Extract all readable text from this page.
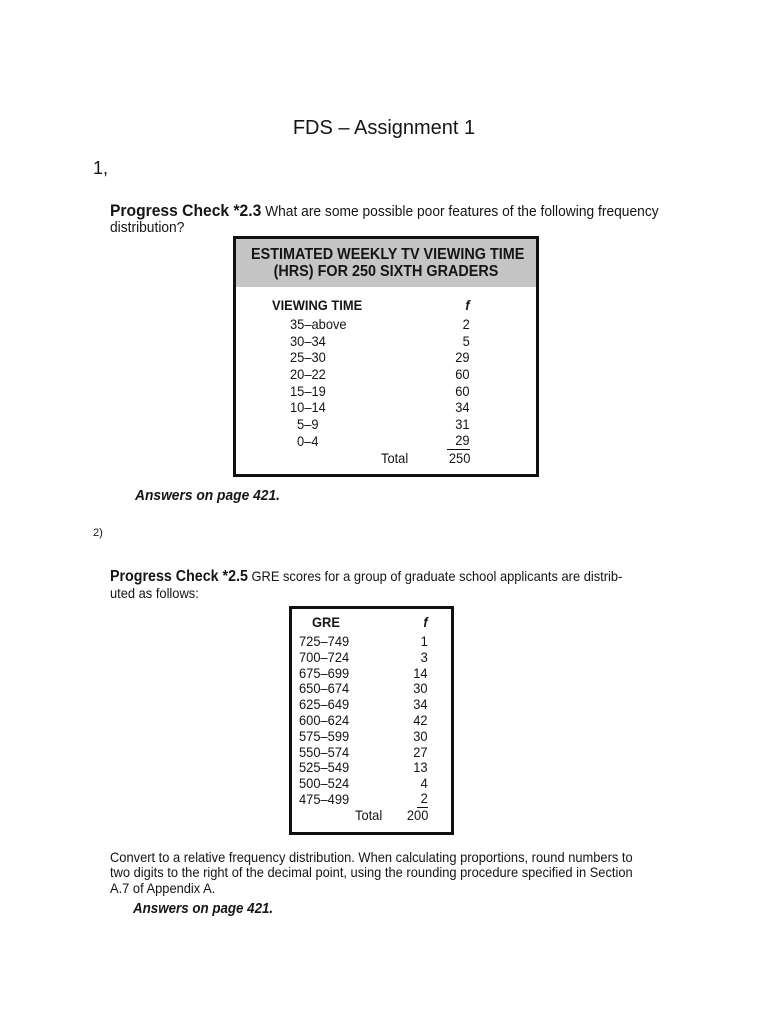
FDS – Assignment 1
1,
Progress Check *2.3 What are some possible poor features of the following frequency
distribution?
ESTIMATED WEEKLY TV VIEWING TIME
(HRS) FOR 250 SIXTH GRADERS
VIEWING TIME	f
35–above	2
30–34	5
25–30	29
20–22	60
15–19	60
10–14	34
5–9	31
0–4	29
Total	250
Answers on page 421.
2)
Progress Check *2.5 GRE scores for a group of graduate school applicants are distrib-
uted as follows:
GRE	f
725–749	1
700–724	3
675–699	14
650–674	30
625–649	34
600–624	42
575–599	30
550–574	27
525–549	13
500–524	4
475–499	2
Total 200
Convert to a relative frequency distribution. When calculating proportions, round numbers to
two digits to the right of the decimal point, using the rounding procedure specified in Section
A.7 of Appendix A.
Answers on page 421.
